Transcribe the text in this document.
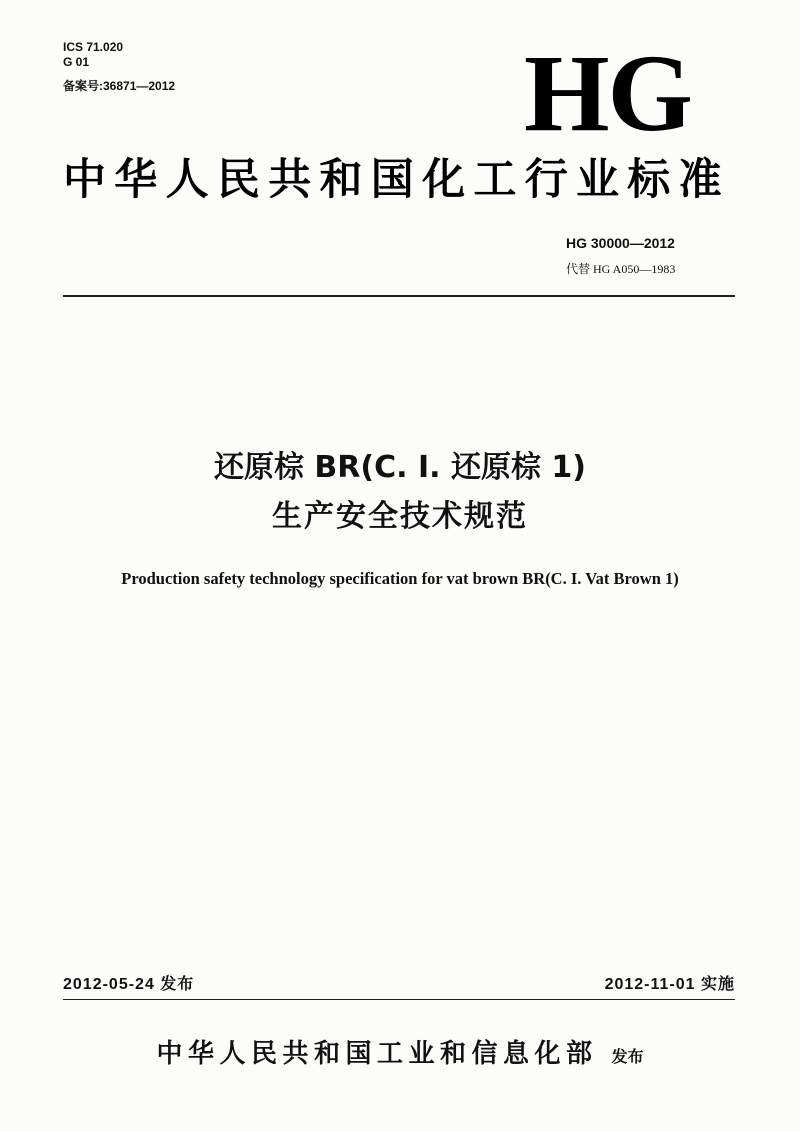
ICS 71.020
G 01
备案号:36871—2012	HG
中华人民共和国化工行业标准
HG 30000—2012
代替 HG A050—1983
还原棕 BR(C. I. 还原棕 1)
生产安全技术规范
Production safety technology specification for vat brown BR(C. I. Vat Brown 1)
2012-05-24 发布	2012-11-01 实施
中华人民共和国工业和信息化部 发布
